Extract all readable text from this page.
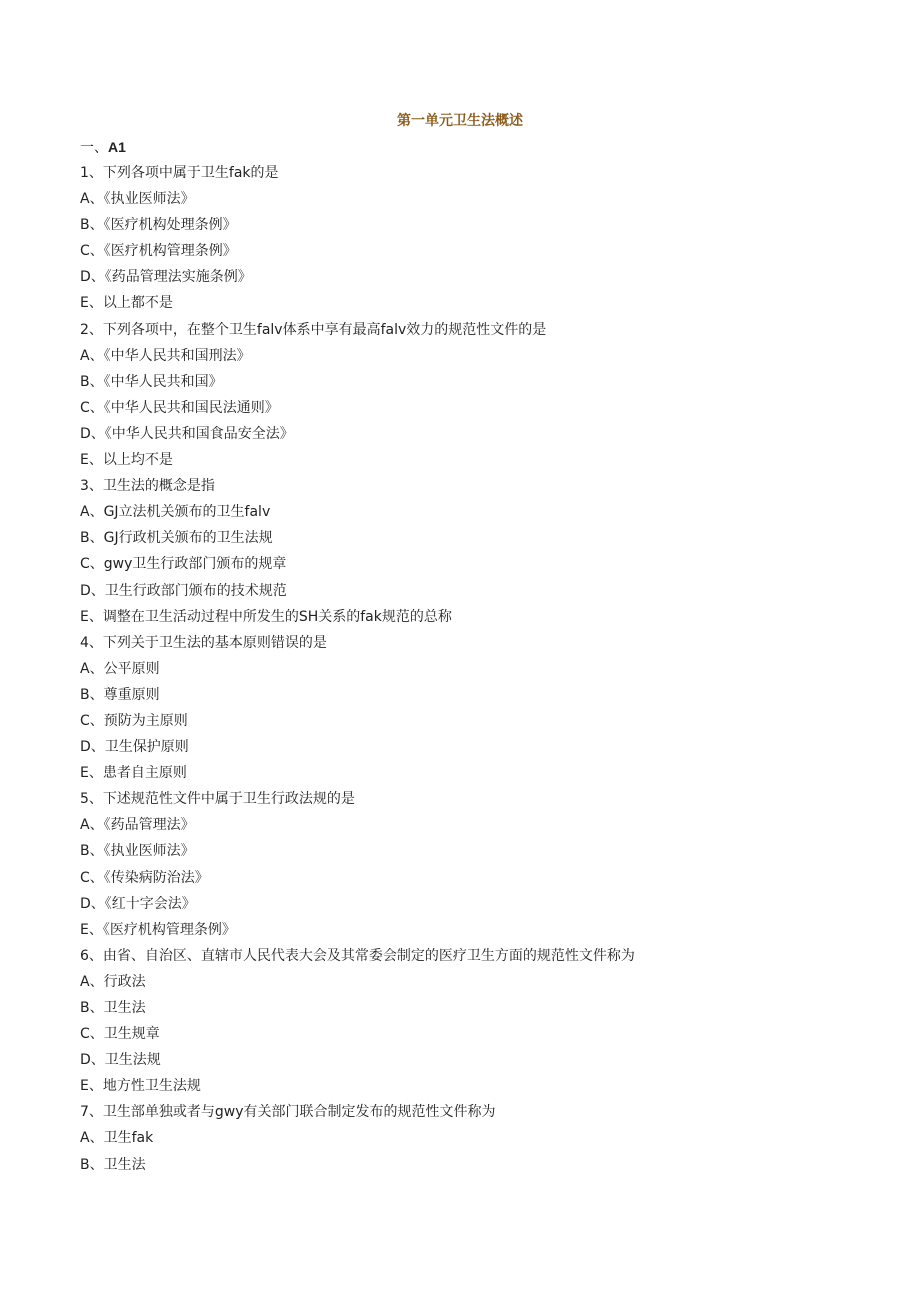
第一单元卫生法概述
一、A1
1、下列各项中属于卫生fak的是
A、《执业医师法》
B、《医疗机构处理条例》
C、《医疗机构管理条例》
D、《药品管理法实施条例》
E、以上都不是
2、下列各项中，在整个卫生falv体系中享有最高falv效力的规范性文件的是
A、《中华人民共和国刑法》
B、《中华人民共和国》
C、《中华人民共和国民法通则》
D、《中华人民共和国食品安全法》
E、以上均不是
3、卫生法的概念是指
A、GJ立法机关颁布的卫生falv
B、GJ行政机关颁布的卫生法规
C、gwy卫生行政部门颁布的规章
D、卫生行政部门颁布的技术规范
E、调整在卫生活动过程中所发生的SH关系的fak规范的总称
4、下列关于卫生法的基本原则错误的是
A、公平原则
B、尊重原则
C、预防为主原则
D、卫生保护原则
E、患者自主原则
5、下述规范性文件中属于卫生行政法规的是
A、《药品管理法》
B、《执业医师法》
C、《传染病防治法》
D、《红十字会法》
E、《医疗机构管理条例》
6、由省、自治区、直辖市人民代表大会及其常委会制定的医疗卫生方面的规范性文件称为
A、行政法
B、卫生法
C、卫生规章
D、卫生法规
E、地方性卫生法规
7、卫生部单独或者与gwy有关部门联合制定发布的规范性文件称为
A、卫生fak
B、卫生法
